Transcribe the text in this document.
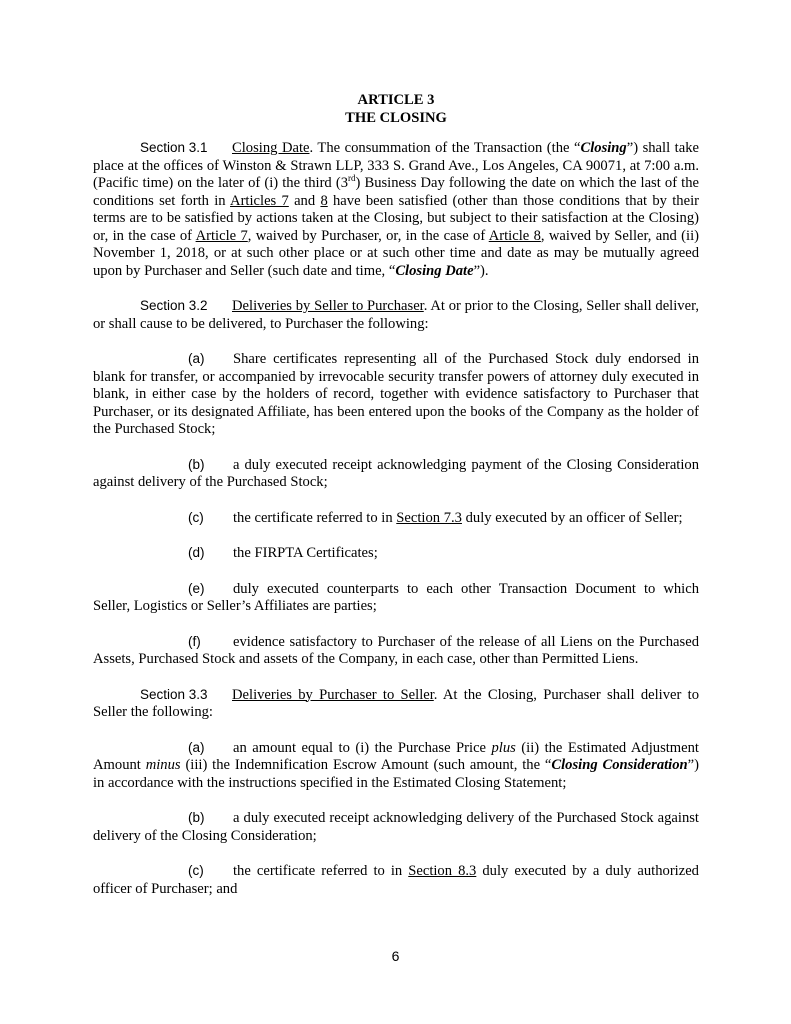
ARTICLE 3
THE CLOSING

Section 3.1 Closing Date. The consummation of the Transaction (the “Closing”) shall take place at the offices of Winston & Strawn LLP, 333 S. Grand Ave., Los Angeles, CA 90071, at 7:00 a.m. (Pacific time) on the later of (i) the third (3rd) Business Day following the date on which the last of the conditions set forth in Articles 7 and 8 have been satisfied (other than those conditions that by their terms are to be satisfied by actions taken at the Closing, but subject to their satisfaction at the Closing) or, in the case of Article 7, waived by Purchaser, or, in the case of Article 8, waived by Seller, and (ii) November 1, 2018, or at such other place or at such other time and date as may be mutually agreed upon by Purchaser and Seller (such date and time, “Closing Date”).

Section 3.2 Deliveries by Seller to Purchaser. At or prior to the Closing, Seller shall deliver, or shall cause to be delivered, to Purchaser the following:

(a) Share certificates representing all of the Purchased Stock duly endorsed in blank for transfer, or accompanied by irrevocable security transfer powers of attorney duly executed in blank, in either case by the holders of record, together with evidence satisfactory to Purchaser that Purchaser, or its designated Affiliate, has been entered upon the books of the Company as the holder of the Purchased Stock;

(b) a duly executed receipt acknowledging payment of the Closing Consideration against delivery of the Purchased Stock;

(c) the certificate referred to in Section 7.3 duly executed by an officer of Seller;

(d) the FIRPTA Certificates;

(e) duly executed counterparts to each other Transaction Document to which Seller, Logistics or Seller’s Affiliates are parties;

(f) evidence satisfactory to Purchaser of the release of all Liens on the Purchased Assets, Purchased Stock and assets of the Company, in each case, other than Permitted Liens.

Section 3.3 Deliveries by Purchaser to Seller. At the Closing, Purchaser shall deliver to Seller the following:

(a) an amount equal to (i) the Purchase Price plus (ii) the Estimated Adjustment Amount minus (iii) the Indemnification Escrow Amount (such amount, the “Closing Consideration”) in accordance with the instructions specified in the Estimated Closing Statement;

(b) a duly executed receipt acknowledging delivery of the Purchased Stock against delivery of the Closing Consideration;

(c) the certificate referred to in Section 8.3 duly executed by a duly authorized officer of Purchaser; and

6
